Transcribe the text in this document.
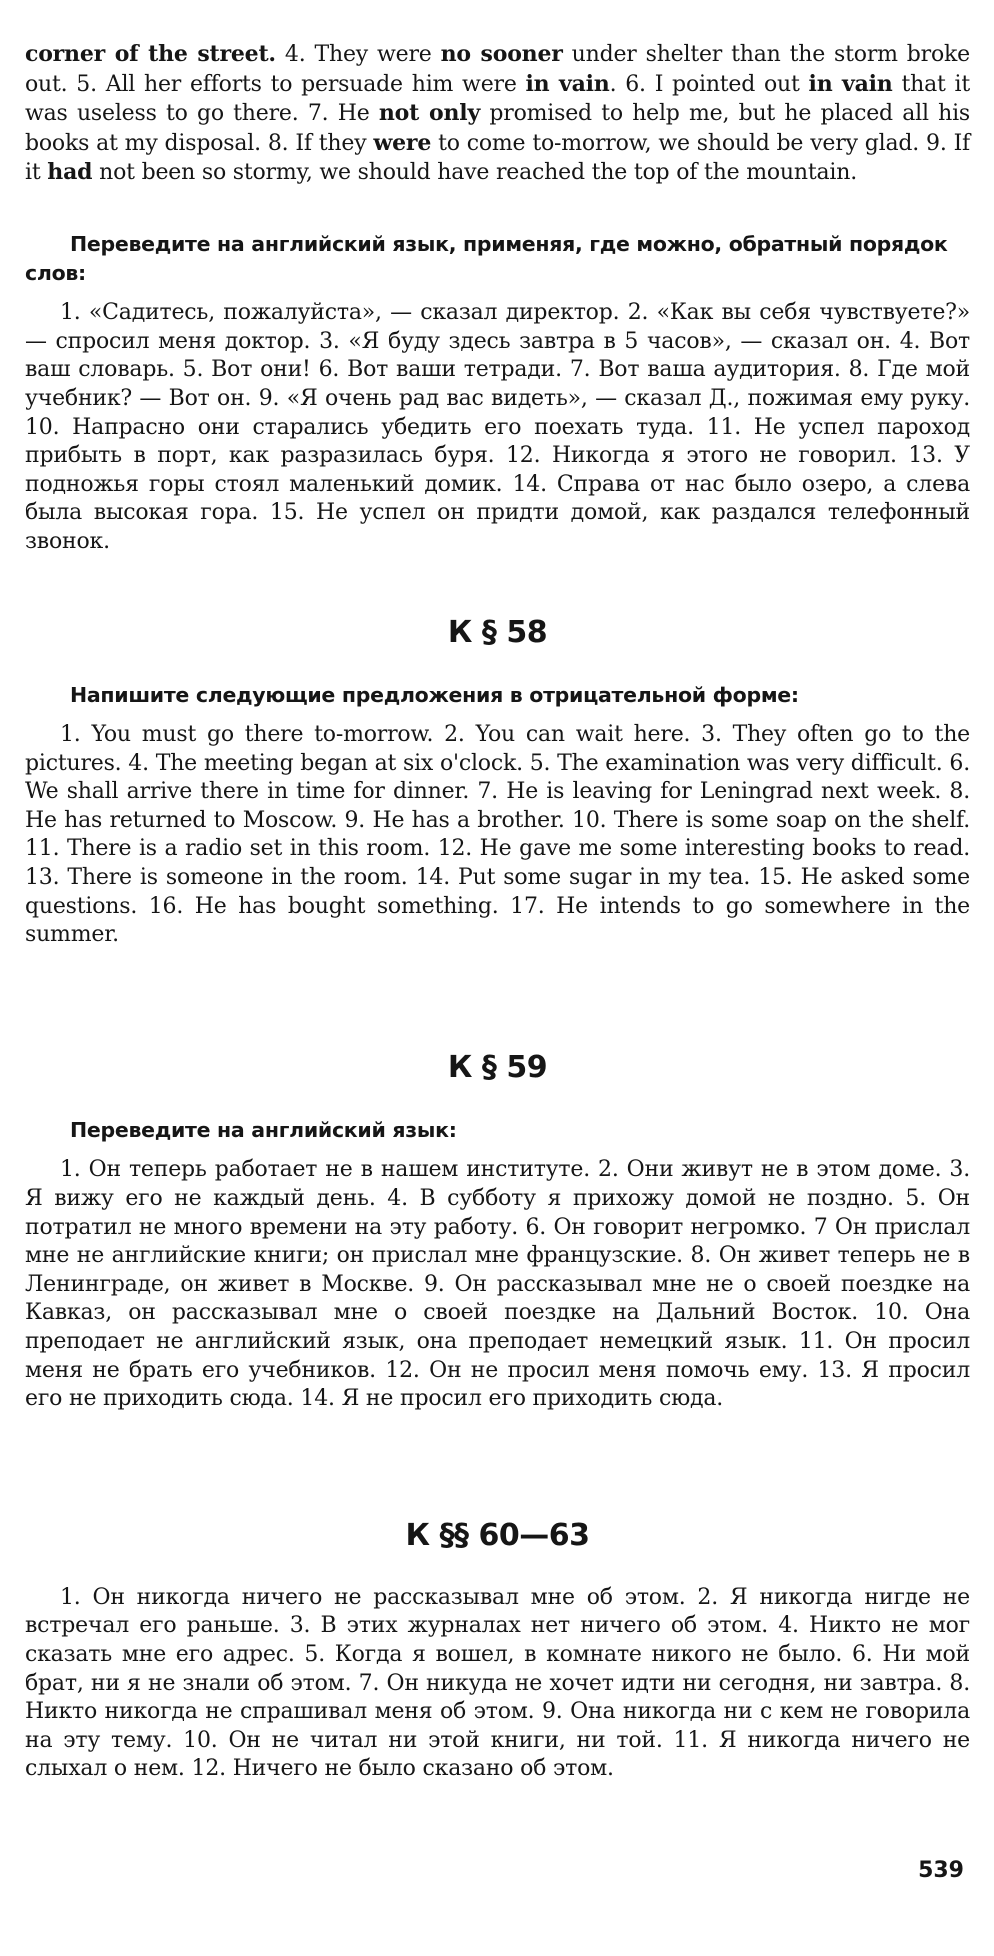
corner of the street. 4. They were no sooner under shelter than the storm broke out. 5. All her efforts to persuade him were in vain. 6. I pointed out in vain that it was useless to go there. 7. He not only promised to help me, but he placed all his books at my disposal. 8. If they were to come to-morrow, we should be very glad. 9. If it had not been so stormy, we should have reached the top of the mountain.

Переведите на английский язык, применяя, где можно, обратный порядок слов:

1. «Садитесь, пожалуйста», — сказал директор. 2. «Как вы себя чувствуете?» — спросил меня доктор. 3. «Я буду здесь завтра в 5 часов», — сказал он. 4. Вот ваш словарь. 5. Вот они! 6. Вот ваши тетради. 7. Вот ваша аудитория. 8. Где мой учебник? — Вот он. 9. «Я очень рад вас видеть», — сказал Д., пожимая ему руку. 10. Напрасно они старались убедить его поехать туда. 11. Не успел пароход прибыть в порт, как разразилась буря. 12. Никогда я этого не говорил. 13. У подножья горы стоял маленький домик. 14. Справа от нас было озеро, а слева была высокая гора. 15. Не успел он придти домой, как раздался телефонный звонок.

К § 58

Напишите следующие предложения в отрицательной форме:

1. You must go there to-morrow. 2. You can wait here. 3. They often go to the pictures. 4. The meeting began at six o'clock. 5. The examination was very difficult. 6. We shall arrive there in time for dinner. 7. He is leaving for Leningrad next week. 8. He has returned to Moscow. 9. He has a brother. 10. There is some soap on the shelf. 11. There is a radio set in this room. 12. He gave me some interesting books to read. 13. There is someone in the room. 14. Put some sugar in my tea. 15. He asked some questions. 16. He has bought something. 17. He intends to go somewhere in the summer.

К § 59

Переведите на английский язык:

1. Он теперь работает не в нашем институте. 2. Они живут не в этом доме. 3. Я вижу его не каждый день. 4. В субботу я прихожу домой не поздно. 5. Он потратил не много времени на эту работу. 6. Он говорит негромко. 7 Он прислал мне не английские книги; он прислал мне французские. 8. Он живет теперь не в Ленинграде, он живет в Москве. 9. Он рассказывал мне не о своей поездке на Кавказ, он рассказывал мне о своей поездке на Дальний Восток. 10. Она преподает не английский язык, она преподает немецкий язык. 11. Он просил меня не брать его учебников. 12. Он не просил меня помочь ему. 13. Я просил его не приходить сюда. 14. Я не просил его приходить сюда.

К §§ 60—63

1. Он никогда ничего не рассказывал мне об этом. 2. Я никогда нигде не встречал его раньше. 3. В этих журналах нет ничего об этом. 4. Никто не мог сказать мне его адрес. 5. Когда я вошел, в комнате никого не было. 6. Ни мой брат, ни я не знали об этом. 7. Он никуда не хочет идти ни сегодня, ни завтра. 8. Никто никогда не спрашивал меня об этом. 9. Она никогда ни с кем не говорила на эту тему. 10. Он не читал ни этой книги, ни той. 11. Я никогда ничего не слыхал о нем. 12. Ничего не было сказано об этом.

539
